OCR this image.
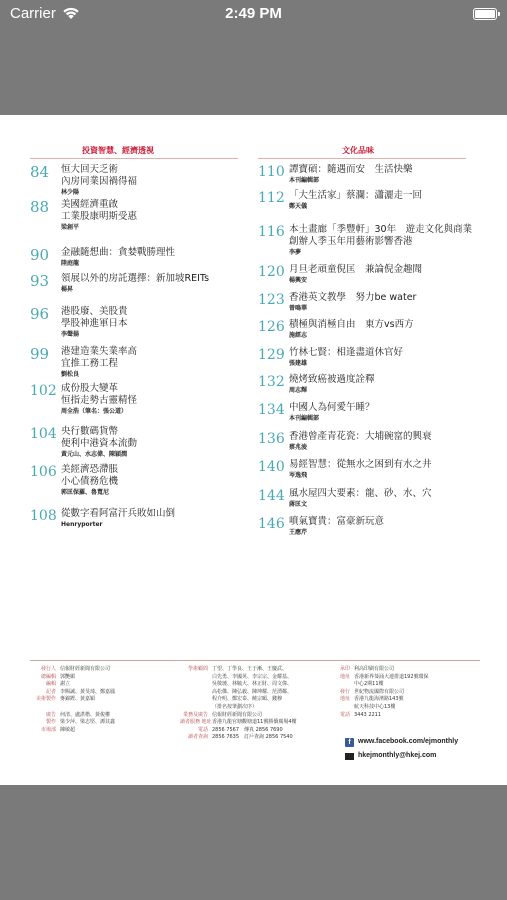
Carrier	2:49 PM
投資智慧、經濟透視
84	恒大回天乏術
內房同業因禍得福
林少陽
88	美國經濟重啟
工業股康明斯受惠
梁創平
90	金融隨想曲：貪婪戰勝理性
陸庭龍
93	領展以外的房託選擇：新加坡REITs
楊昇
96	港股廢、美股貴
學股神進軍日本
李聲揚
99	港建造業失業率高
宜推工務工程
劉松良
102 成份股大變革
恒指走勢古靈精怪
周全浩（筆名：張公道）
104 央行數碼貨幣
便利中港資本流動
黃元山、水志偉、陳穎潤
106 美經濟恐滯脹
小心債務危機
郭匡保羅、魯寬尼
108 從數字看阿富汗兵敗如山倒
Henryporter
文化品味
110 譚寶碩：隨遇而安　生活快樂
本刊編輯部
112 「大生活家」蔡瀾：瀟灑走一回
鄭天儀
116 本土畫廊「季豐軒」30年　遊走文化與商業
創辦人季玉年用藝術影響香港
李夢
120 月旦老頑童倪匡　兼論倪金趣聞
楊興安
123 香港英文教學　努力be water
曾鳴華
126 積極與消極自由　東方vs西方
施經志
129 竹林七賢：相逢盡道休官好
張建雄
132 燒烤致癌被過度詮釋
周志輝
134 中國人為何愛午睡？
本刊編輯部
136 香港曾產青花瓷：大埔碗窰的興衰
蔡兆浚
140 易經智慧：從無水之困到有水之井
岑逸飛
144 風水屋四大要素：龍、砂、水、穴
蔣匡文
146 噴氣寶貴：富豪新玩意
王應芹
發行人 信報財經新聞有限公司
總編輯 郭艷媚
編輯 謝立
記者 李賜誠、黃旻琦、鄭嘉鳳
美術製作 麥錦鏗、黃嘉穎
廣告 何清、盧湛楷、黃俊權
製作 梁少萍、梁志堅、譚其鑫
市場部 陳敏超
學術顧問 丁望、丁學良、王于漸、王慶武、
白先勇、李國英、李宗宗、金耀基、
吳敬璉、林毓大、林正財、周文偉、
高松傑、陳弘毅、陳坤耀、范湧鄰、
程介明、鄭宏泰、饒宗頤、錢穆
（排名按筆劃次序）
業務及廣告 信報財經新聞有限公司
讀者服務 地址香港九龍官塘觀塘道11號勝僑廣場4樓
電話 2856 7567　傳真 2856 7690
讀者查詢 2856 7635　訂戶查詢 2856 7540
承印 利高印刷有限公司
地址 香港新界葵涌大連排道192號環保
中心2期11樓
發行 世紀物流國際有限公司
地址 香港九龍海濱路143號
航天科技中心13樓
電話 3443 2211
f	www.facebook.com/ejmonthly
hkejmonthly@hkej.com
